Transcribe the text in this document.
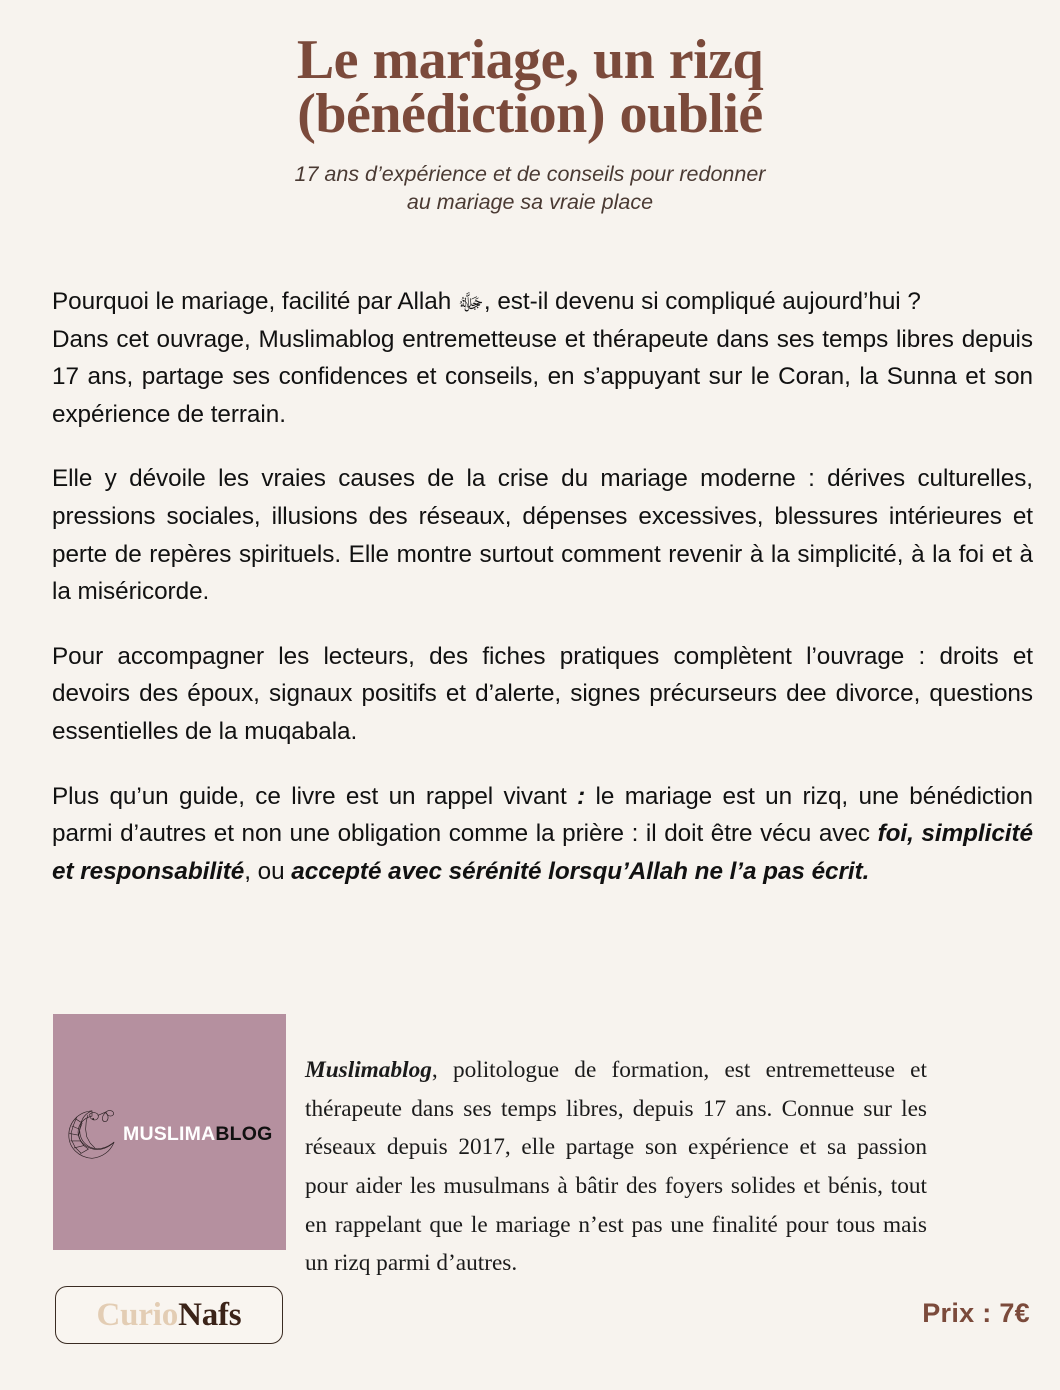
Le mariage, un rizq
(bénédiction) oublié
17 ans d’expérience et de conseils pour redonner
au mariage sa vraie place

Pourquoi le mariage, facilité par Allah ﷻ, est-il devenu si compliqué aujourd’hui ?
Dans cet ouvrage, Muslimablog entremetteuse et thérapeute dans ses temps libres depuis 17 ans, partage ses confidences et conseils, en s’appuyant sur le Coran, la Sunna et son expérience de terrain.

Elle y dévoile les vraies causes de la crise du mariage moderne : dérives culturelles, pressions sociales, illusions des réseaux, dépenses excessives, blessures intérieures et perte de repères spirituels. Elle montre surtout comment revenir à la simplicité, à la foi et à la miséricorde.

Pour accompagner les lecteurs, des fiches pratiques complètent l’ouvrage : droits et devoirs des époux, signaux positifs et d’alerte, signes précurseurs dee divorce, questions essentielles de la muqabala.

Plus qu’un guide, ce livre est un rappel vivant : le mariage est un rizq, une bénédiction parmi d’autres et non une obligation comme la prière : il doit être vécu avec foi, simplicité et responsabilité, ou accepté avec sérénité lorsqu’Allah ne l’a pas écrit.

MUSLIMABLOG

Muslimablog, politologue de formation, est entremetteuse et thérapeute dans ses temps libres, depuis 17 ans. Connue sur les réseaux depuis 2017, elle partage son expérience et sa passion pour aider les musulmans à bâtir des foyers solides et bénis, tout en rappelant que le mariage n’est pas une finalité pour tous mais un rizq parmi d’autres.

CurioNafs	Prix : 7€
